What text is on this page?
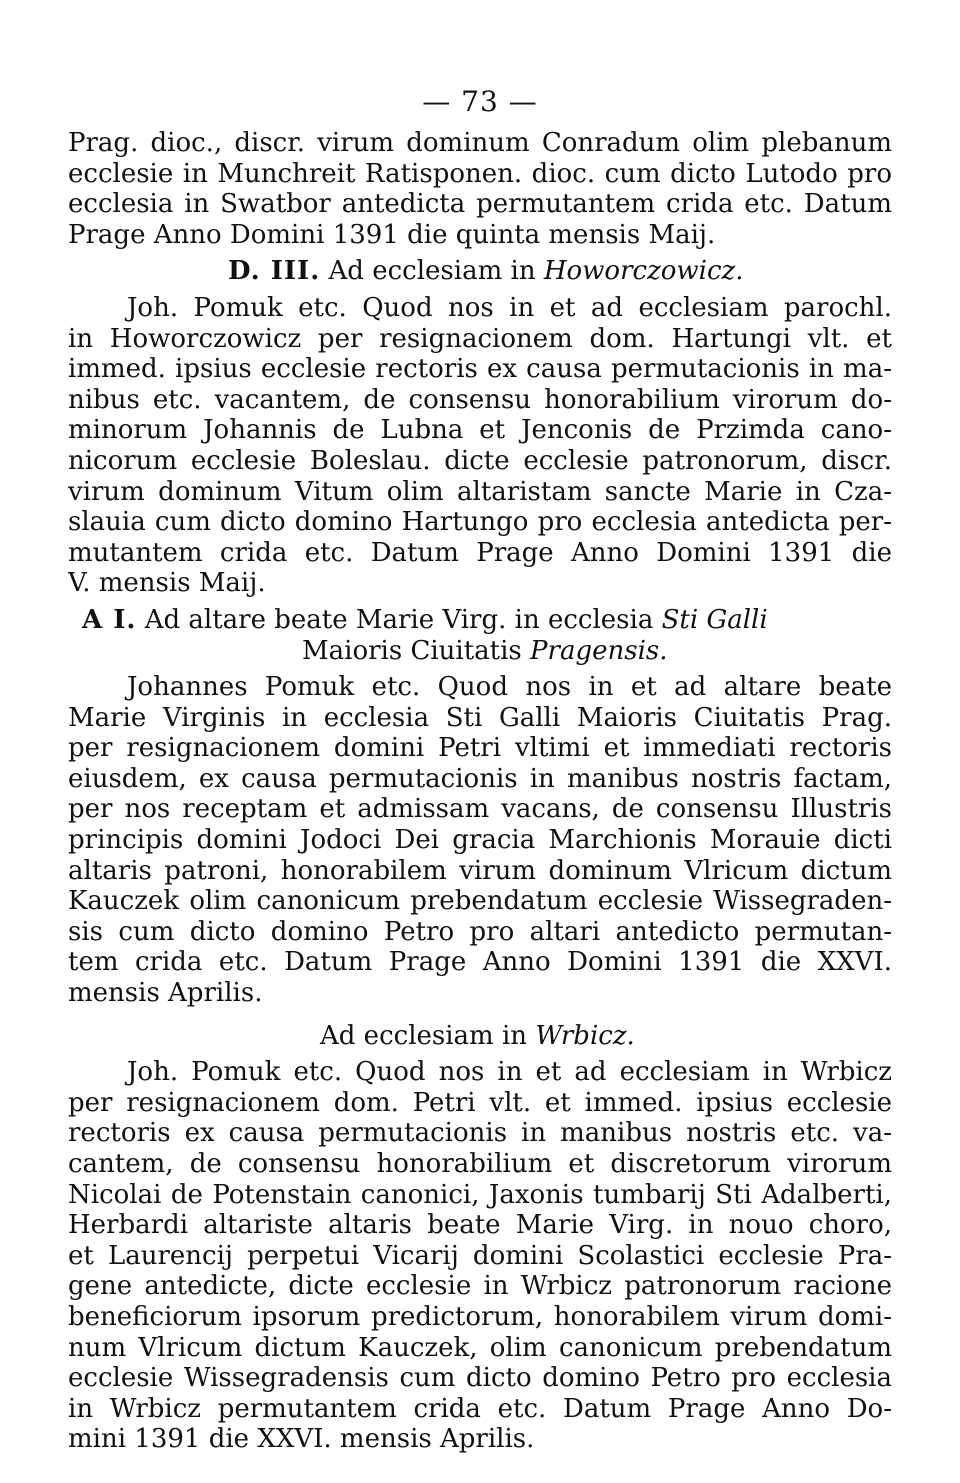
— 73 —
Prag. dioc., discr. virum dominum Conradum olim plebanum
ecclesie in Munchreit Ratisponen. dioc. cum dicto Lutodo pro
ecclesia in Swatbor antedicta permutantem crida etc. Datum
Prage Anno Domini 1391 die quinta mensis Maij.
D. III. Ad ecclesiam in Howorczowicz.
Joh. Pomuk etc. Quod nos in et ad ecclesiam parochl.
in Howorczowicz per resignacionem dom. Hartungi vlt. et
immed. ipsius ecclesie rectoris ex causa permutacionis in ma-
nibus etc. vacantem, de consensu honorabilium virorum do-
minorum Johannis de Lubna et Jenconis de Przimda cano-
nicorum ecclesie Boleslau. dicte ecclesie patronorum, discr.
virum dominum Vitum olim altaristam sancte Marie in Cza-
slauia cum dicto domino Hartungo pro ecclesia antedicta per-
mutantem crida etc. Datum Prage Anno Domini 1391 die
V. mensis Maij.
A I. Ad altare beate Marie Virg. in ecclesia Sti Galli
Maioris Ciuitatis Pragensis.
Johannes Pomuk etc. Quod nos in et ad altare beate
Marie Virginis in ecclesia Sti Galli Maioris Ciuitatis Prag.
per resignacionem domini Petri vltimi et immediati rectoris
eiusdem, ex causa permutacionis in manibus nostris factam,
per nos receptam et admissam vacans, de consensu Illustris
principis domini Jodoci Dei gracia Marchionis Morauie dicti
altaris patroni, honorabilem virum dominum Vlricum dictum
Kauczek olim canonicum prebendatum ecclesie Wissegraden-
sis cum dicto domino Petro pro altari antedicto permutan-
tem crida etc. Datum Prage Anno Domini 1391 die XXVI.
mensis Aprilis.
Ad ecclesiam in Wrbicz.
Joh. Pomuk etc. Quod nos in et ad ecclesiam in Wrbicz
per resignacionem dom. Petri vlt. et immed. ipsius ecclesie
rectoris ex causa permutacionis in manibus nostris etc. va-
cantem, de consensu honorabilium et discretorum virorum
Nicolai de Potenstain canonici, Jaxonis tumbarij Sti Adalberti,
Herbardi altariste altaris beate Marie Virg. in nouo choro,
et Laurencij perpetui Vicarij domini Scolastici ecclesie Pra-
gene antedicte, dicte ecclesie in Wrbicz patronorum racione
beneficiorum ipsorum predictorum, honorabilem virum domi-
num Vlricum dictum Kauczek, olim canonicum prebendatum
ecclesie Wissegradensis cum dicto domino Petro pro ecclesia
in Wrbicz permutantem crida etc. Datum Prage Anno Do-
mini 1391 die XXVI. mensis Aprilis.
